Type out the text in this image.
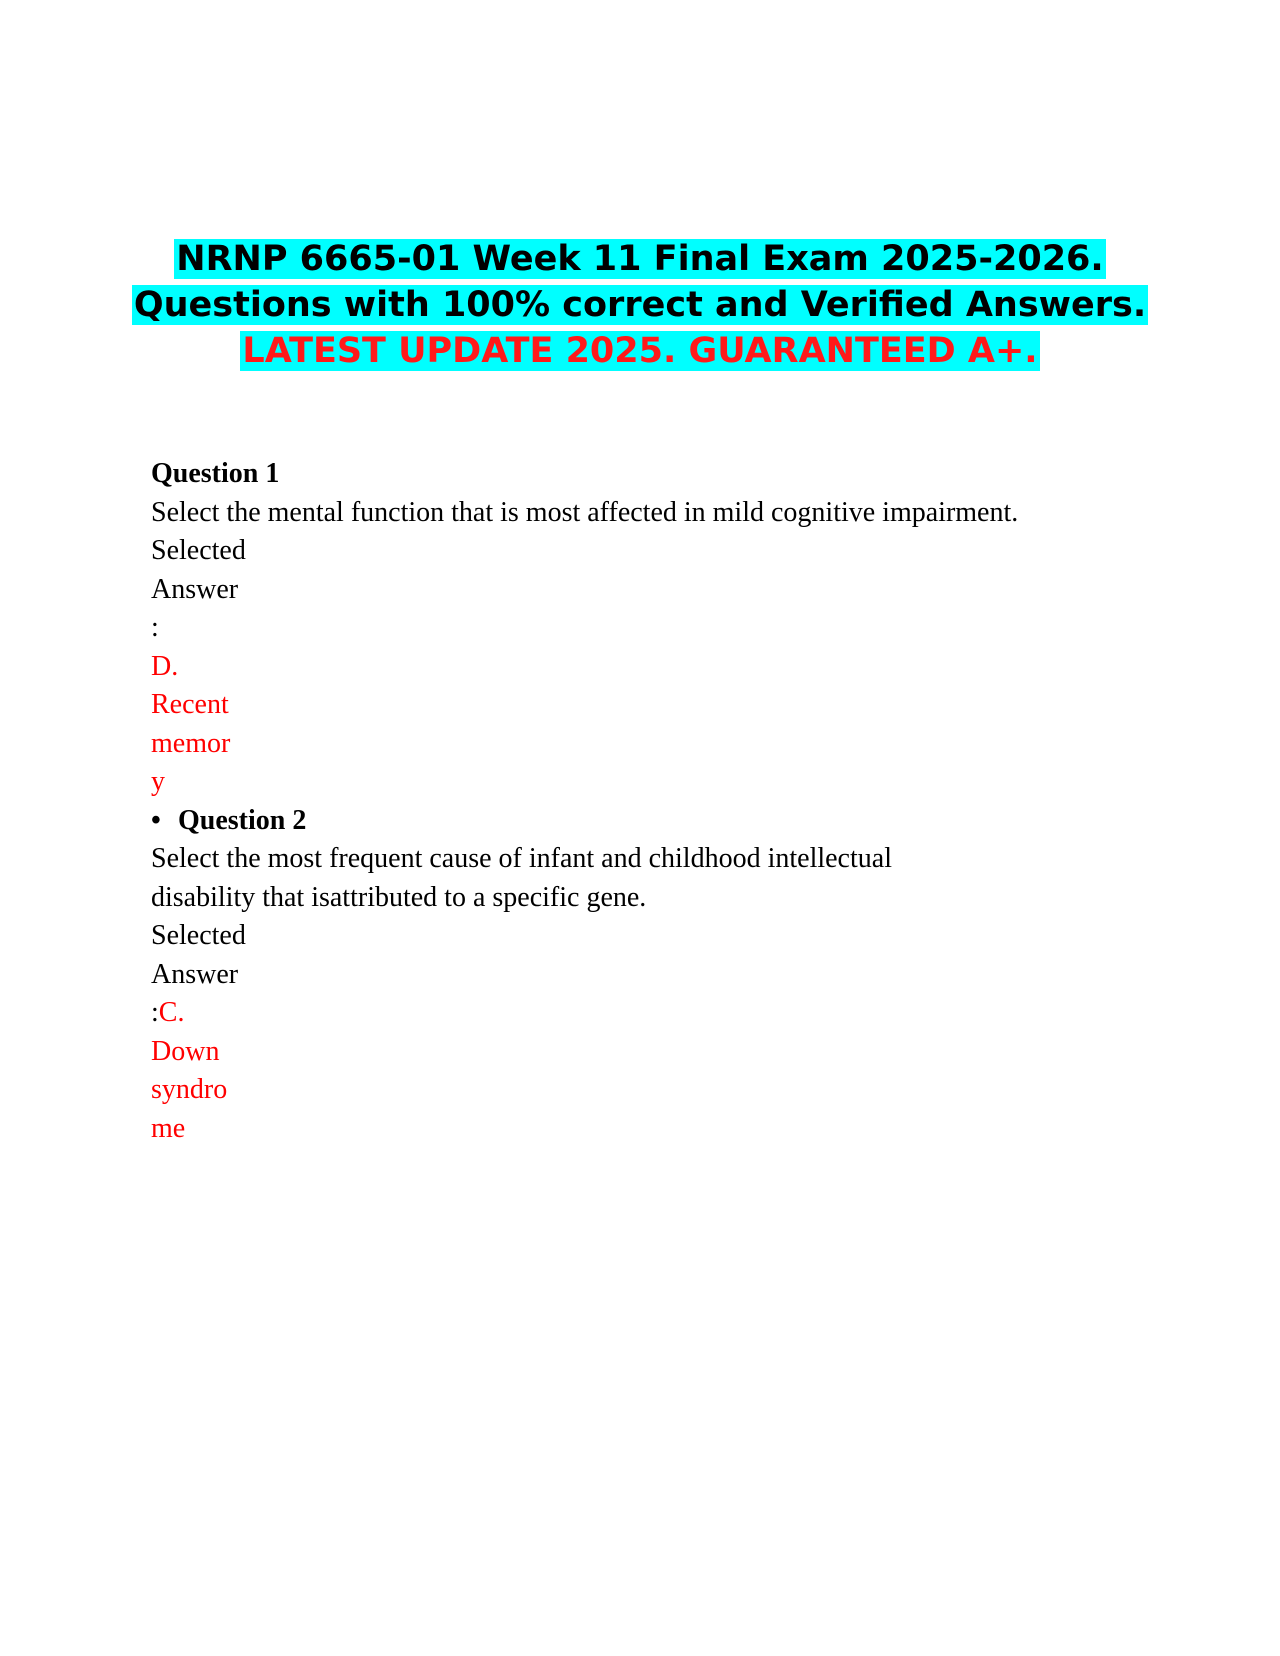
NRNP 6665-01 Week 11 Final Exam 2025-2026.
Questions with 100% correct and Verified Answers.
LATEST UPDATE 2025. GUARANTEED A+.
Question 1
Select the mental function that is most affected in mild cognitive impairment.
Selected
Answer
:
D.
Recent
memor
y
• Question 2
Select the most frequent cause of infant and childhood intellectual
disability that isattributed to a specific gene.
Selected
Answer
:C.
Down
syndro
me
